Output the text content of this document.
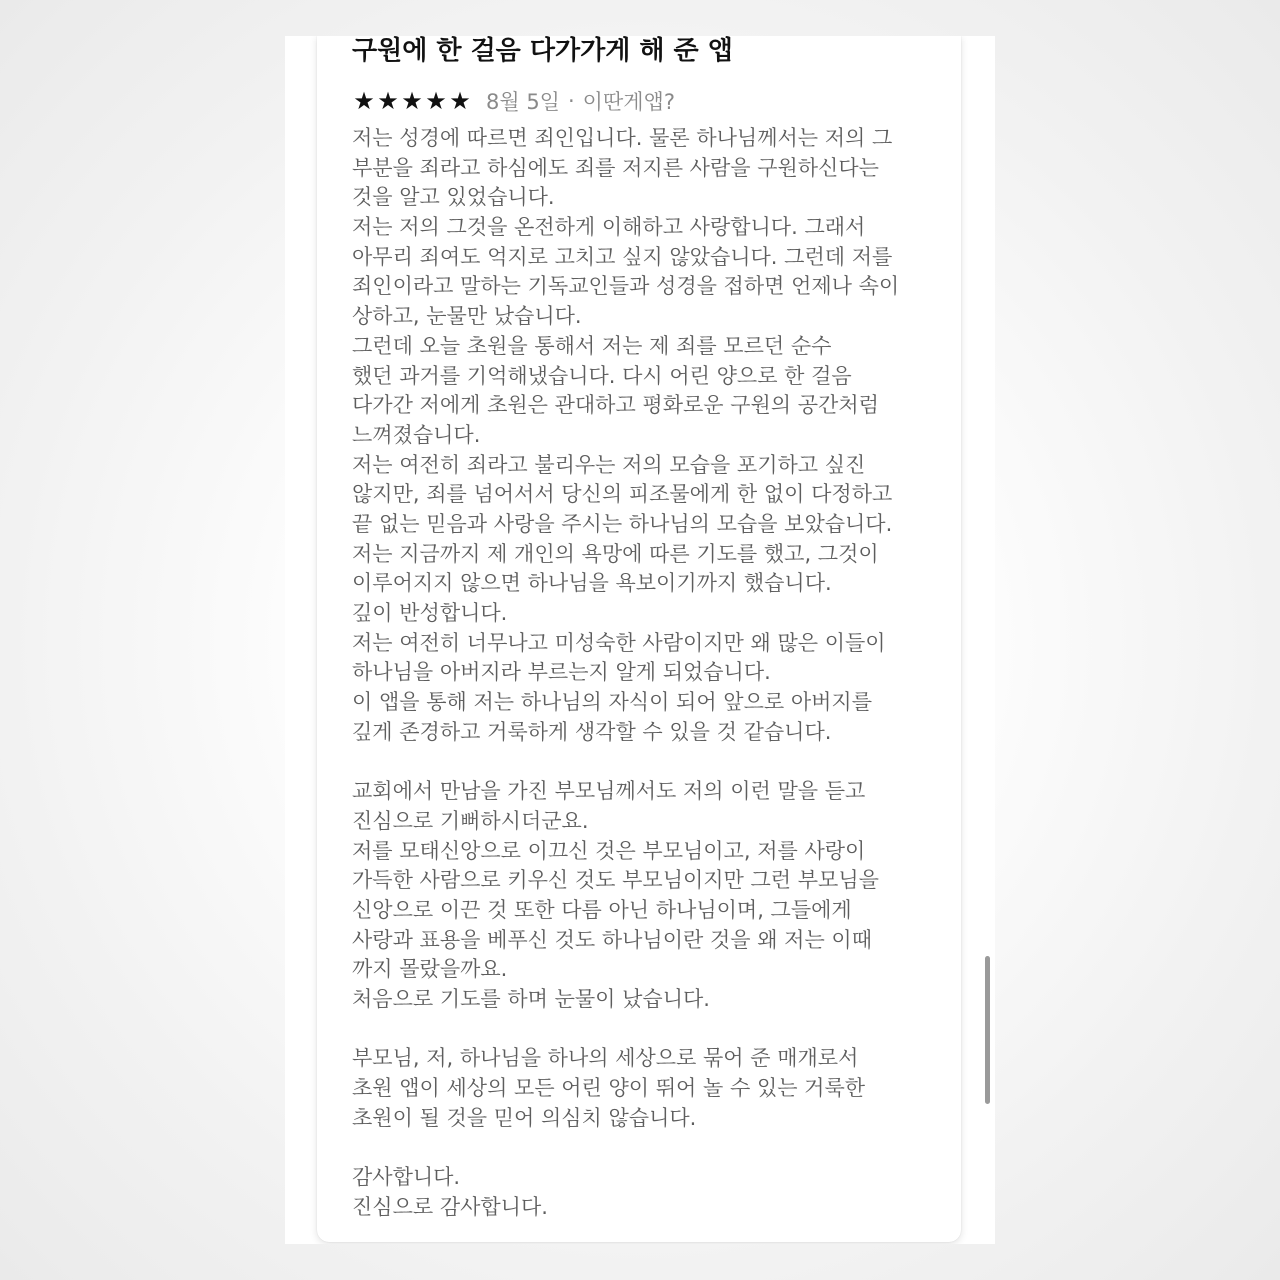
구원에 한 걸음 다가가게 해 준 앱
★ ★ ★ ★ ★ 8월 5일 · 이딴게앱?
저는 성경에 따르면 죄인입니다. 물론 하나님께서는 저의 그
부분을 죄라고 하심에도 죄를 저지른 사람을 구원하신다는
것을 알고 있었습니다.
저는 저의 그것을 온전하게 이해하고 사랑합니다. 그래서
아무리 죄여도 억지로 고치고 싶지 않았습니다. 그런데 저를
죄인이라고 말하는 기독교인들과 성경을 접하면 언제나 속이
상하고, 눈물만 났습니다.
그런데 오늘 초원을 통해서 저는 제 죄를 모르던 순수
했던 과거를 기억해냈습니다. 다시 어린 양으로 한 걸음
다가간 저에게 초원은 관대하고 평화로운 구원의 공간처럼
느껴졌습니다.
저는 여전히 죄라고 불리우는 저의 모습을 포기하고 싶진
않지만, 죄를 넘어서서 당신의 피조물에게 한 없이 다정하고
끝 없는 믿음과 사랑을 주시는 하나님의 모습을 보았습니다.
저는 지금까지 제 개인의 욕망에 따른 기도를 했고, 그것이
이루어지지 않으면 하나님을 욕보이기까지 했습니다.
깊이 반성합니다.
저는 여전히 너무나고 미성숙한 사람이지만 왜 많은 이들이
하나님을 아버지라 부르는지 알게 되었습니다.
이 앱을 통해 저는 하나님의 자식이 되어 앞으로 아버지를
깊게 존경하고 거룩하게 생각할 수 있을 것 같습니다.
교회에서 만남을 가진 부모님께서도 저의 이런 말을 듣고
진심으로 기뻐하시더군요.
저를 모태신앙으로 이끄신 것은 부모님이고, 저를 사랑이
가득한 사람으로 키우신 것도 부모님이지만 그런 부모님을
신앙으로 이끈 것 또한 다름 아닌 하나님이며, 그들에게
사랑과 표용을 베푸신 것도 하나님이란 것을 왜 저는 이때
까지 몰랐을까요.
처음으로 기도를 하며 눈물이 났습니다.
부모님, 저, 하나님을 하나의 세상으로 묶어 준 매개로서
초원 앱이 세상의 모든 어린 양이 뛰어 놀 수 있는 거룩한
초원이 될 것을 믿어 의심치 않습니다.
감사합니다.
진심으로 감사합니다.
